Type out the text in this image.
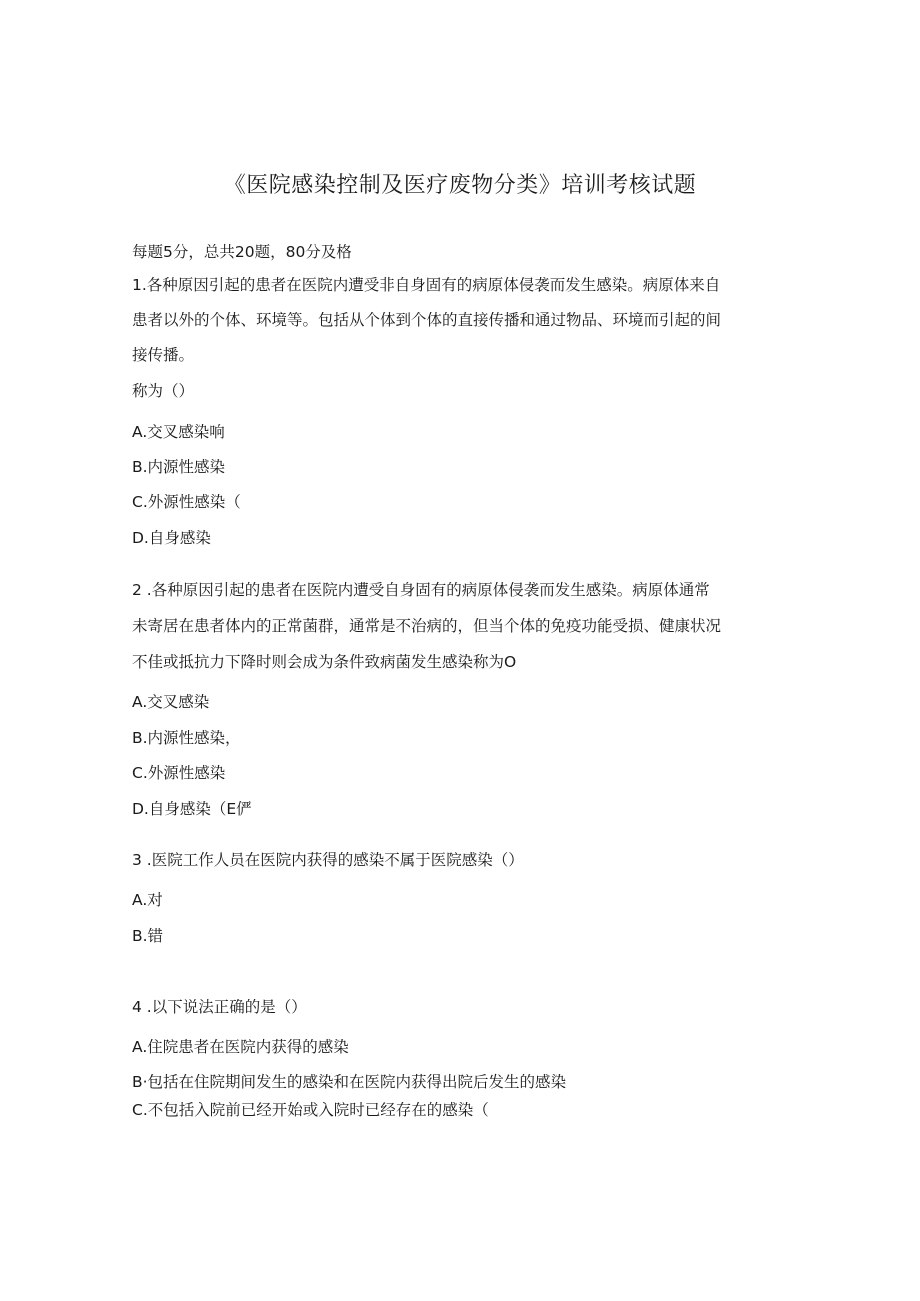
《医院感染控制及医疗废物分类》培训考核试题
每题5分，总共20题，80分及格
1.各种原因引起的患者在医院内遭受非自身固有的病原体侵袭而发生感染。病原体来自
患者以外的个体、环境等。包括从个体到个体的直接传播和通过物品、环境而引起的间
接传播。
称为（）
A.交叉感染响
B.内源性感染
C.外源性感染（
D.自身感染
2 .各种原因引起的患者在医院内遭受自身固有的病原体侵袭而发生感染。病原体通常
未寄居在患者体内的正常菌群，通常是不治病的，但当个体的免疫功能受损、健康状况
不佳或抵抗力下降时则会成为条件致病菌发生感染称为O
A.交叉感染
B.内源性感染，
C.外源性感染
D.自身感染（E俨
3 .医院工作人员在医院内获得的感染不属于医院感染（）
A.对
B.错
4 .以下说法正确的是（）
A.住院患者在医院内获得的感染
B·包括在住院期间发生的感染和在医院内获得出院后发生的感染
C.不包括入院前已经开始或入院时已经存在的感染（
